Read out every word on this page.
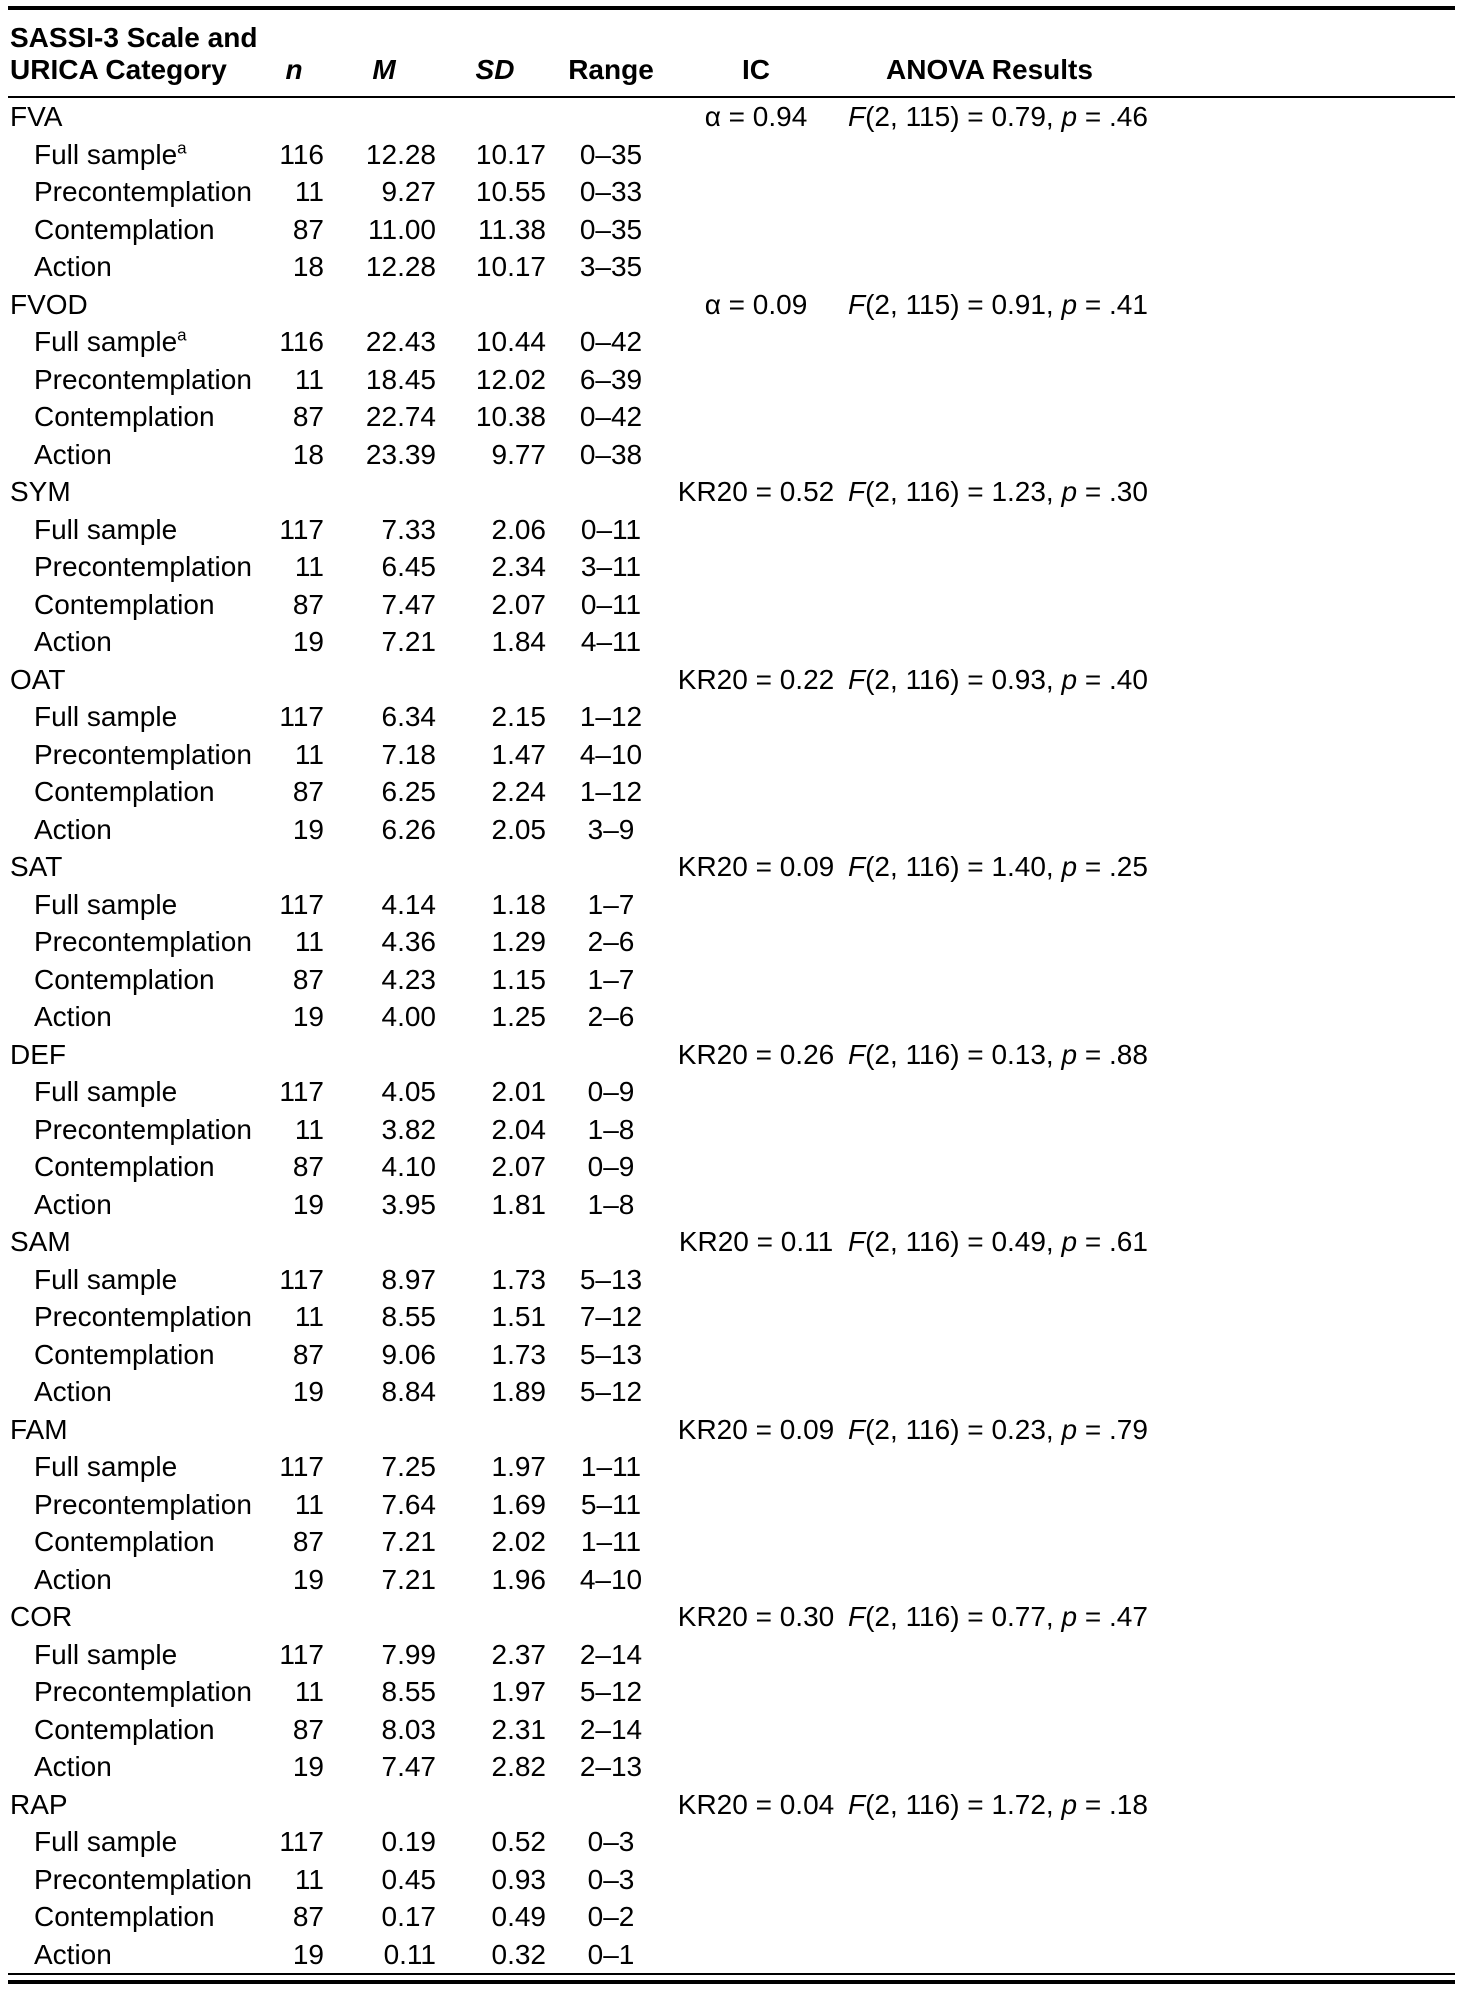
SASSI-3 Scale and
URICA Category	n	M	SD	Range	IC	ANOVA Results
FVA					α = 0.94	F(2, 115) = 0.79, p = .46
Full sample$^a$	116	12.28	10.17	0–35		
Precontemplation	11	9.27	10.55	0–33		
Contemplation	87	11.00	11.38	0–35		
Action	18	12.28	10.17	3–35		
FVOD					α = 0.09	F(2, 115) = 0.91, p = .41
Full sample$^a$	116	22.43	10.44	0–42		
Precontemplation	11	18.45	12.02	6–39		
Contemplation	87	22.74	10.38	0–42		
Action	18	23.39	9.77	0–38		
SYM					KR20 = 0.52	F(2, 116) = 1.23, p = .30
Full sample	117	7.33	2.06	0–11		
Precontemplation	11	6.45	2.34	3–11		
Contemplation	87	7.47	2.07	0–11		
Action	19	7.21	1.84	4–11		
OAT					KR20 = 0.22	F(2, 116) = 0.93, p = .40
Full sample	117	6.34	2.15	1–12		
Precontemplation	11	7.18	1.47	4–10		
Contemplation	87	6.25	2.24	1–12		
Action	19	6.26	2.05	3–9		
SAT					KR20 = 0.09	F(2, 116) = 1.40, p = .25
Full sample	117	4.14	1.18	1–7		
Precontemplation	11	4.36	1.29	2–6		
Contemplation	87	4.23	1.15	1–7		
Action	19	4.00	1.25	2–6		
DEF					KR20 = 0.26	F(2, 116) = 0.13, p = .88
Full sample	117	4.05	2.01	0–9		
Precontemplation	11	3.82	2.04	1–8		
Contemplation	87	4.10	2.07	0–9		
Action	19	3.95	1.81	1–8		
SAM					KR20 = 0.11	F(2, 116) = 0.49, p = .61
Full sample	117	8.97	1.73	5–13		
Precontemplation	11	8.55	1.51	7–12		
Contemplation	87	9.06	1.73	5–13		
Action	19	8.84	1.89	5–12		
FAM					KR20 = 0.09	F(2, 116) = 0.23, p = .79
Full sample	117	7.25	1.97	1–11		
Precontemplation	11	7.64	1.69	5–11		
Contemplation	87	7.21	2.02	1–11		
Action	19	7.21	1.96	4–10		
COR					KR20 = 0.30	F(2, 116) = 0.77, p = .47
Full sample	117	7.99	2.37	2–14		
Precontemplation	11	8.55	1.97	5–12		
Contemplation	87	8.03	2.31	2–14		
Action	19	7.47	2.82	2–13		
RAP					KR20 = 0.04	F(2, 116) = 1.72, p = .18
Full sample	117	0.19	0.52	0–3		
Precontemplation	11	0.45	0.93	0–3		
Contemplation	87	0.17	0.49	0–2		
Action	19	0.11	0.32	0–1		
